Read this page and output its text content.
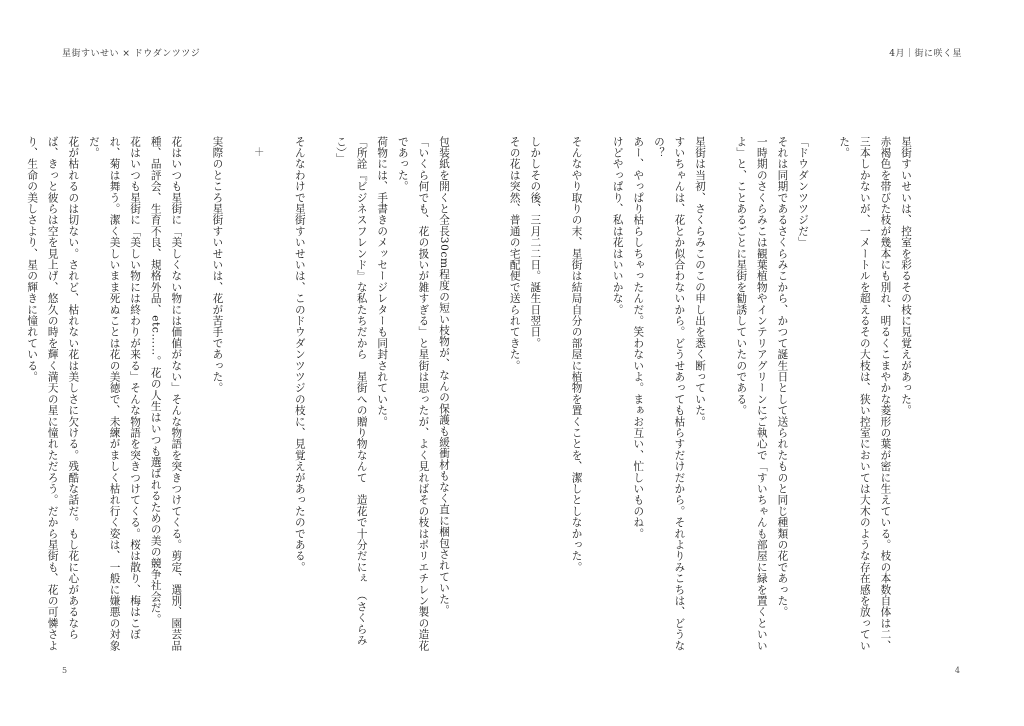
星街すいせい × ドウダンツツジ	4月｜街に咲く星

星街すいせいは、控室を彩るその枝に見覚えがあった。

赤褐色を帯びた枝が幾本にも別れ、明るくこまやかな菱形の葉が密に生えている。枝の本数自体は二、三本しかないが、一メートルを超えるその大枝は、狭い控室においては大木のような存在感を放っていた。

「ドウダンツツジだ」

それは同期であるさくらみこから、かつて誕生日として送られたものと同じ種類の花であった。

一時期のさくらみこは観葉植物やインテリアグリーンにご執心で「すいちゃんも部屋に緑を置くといいよ」と、ことあるごとに星街を勧誘していたのである。

星街は当初、さくらみこのこの申し出を悉く断っていた。

すいちゃんは、花とか似合わないから。どうせあっても枯らすだけだから。それよりみこちは、どうなの？

あー、やっぱり枯らしちゃったんだ。笑わないよ。まぁお互い、忙しいものね。

けどやっぱり、私は花はいいかな。

そんなやり取りの末、星街は結局自分の部屋に植物を置くことを、潔しとしなかった。

しかしその後、三月二二日。誕生日翌日。

その花は突然、普通の宅配便で送られてきた。

包装紙を開くと全長30cm程度の短い枝物が、なんの保護も緩衝材もなく直に梱包されていた。

「いくら何でも、花の扱いが雑すぎる」と星街は思ったが、よく見ればその枝はポリエチレン製の造花であった。

荷物には、手書きのメッセージレターも同封されていた。

「所詮『ビジネスフレンド』な私たちだから　星街への贈り物なんて　造花で十分だにぇ　（さくらみこ）」

そんなわけで星街すいせいは、このドウダンツツジの枝に、見覚えがあったのである。

＋

実際のところ星街すいせいは、花が苦手であった。

花はいつも星街に「美しくない物には価値がない」そんな物語を突きつけてくる。剪定、選別、園芸品種、品評会、生育不良、規格外品、etc……。花の人生はいつも選ばれるための美の競争社会だ。

花はいつも星街に「美しい物には終わりが来る」そんな物語を突きつけてくる。桜は散り、梅はこぼれ、菊は舞う。潔く美しいまま死ぬことは花の美徳で、未練がましく枯れ行く姿は、一般に嫌悪の対象だ。

花が枯れるのは切ない。されど、枯れない花は美しさに欠ける。残酷な話だ。もし花に心があるならば、きっと彼らは空を見上げ、悠久の時を輝く満天の星に憧れただろう。だから星街も、花の可憐さより、生命の美しさより、星の輝きに憧れている。

5	4
